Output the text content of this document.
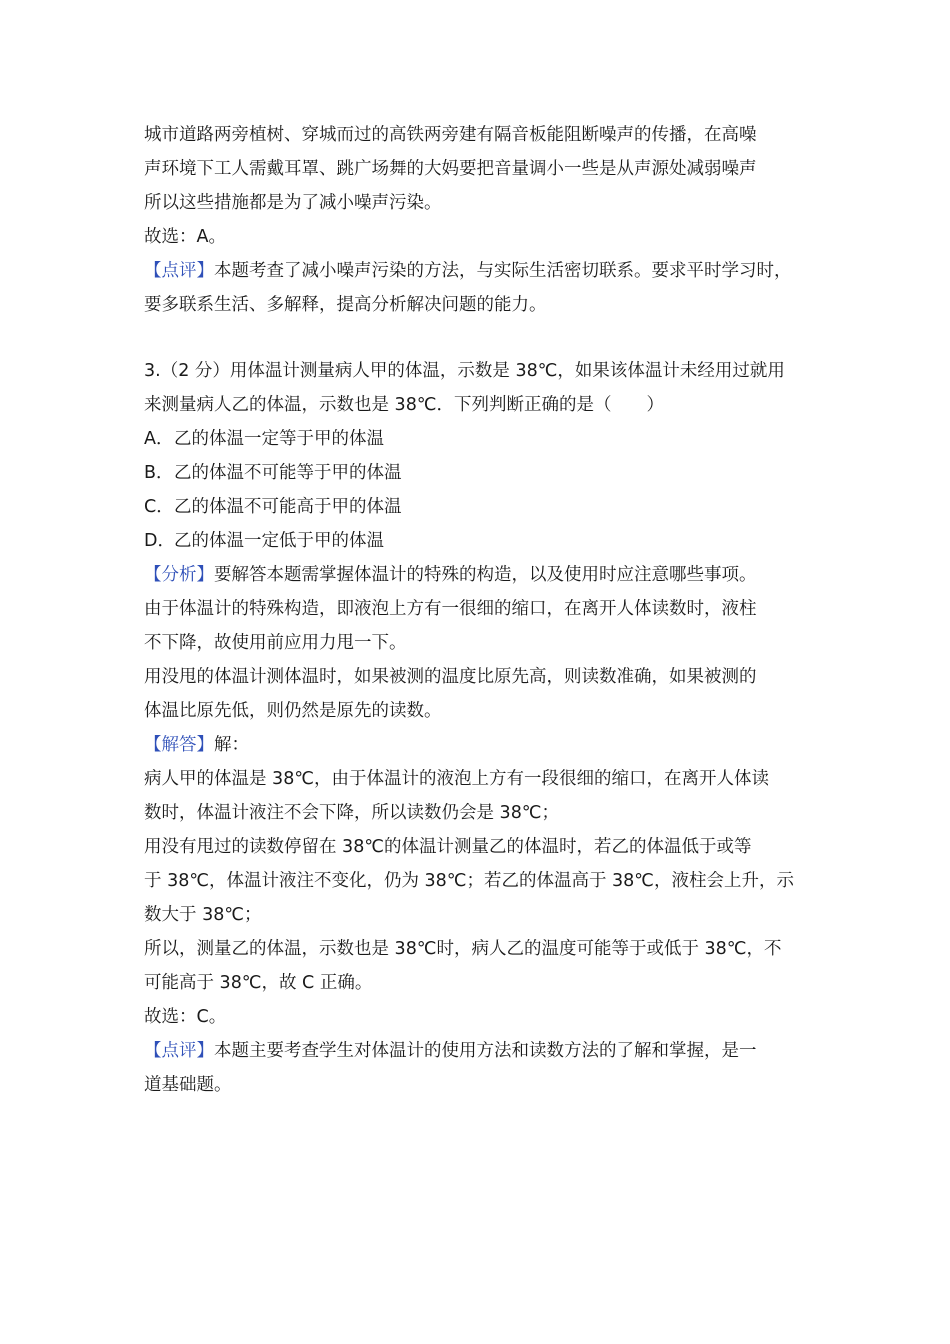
城市道路两旁植树、穿城而过的高铁两旁建有隔音板能阻断噪声的传播，在高噪
声环境下工人需戴耳罩、跳广场舞的大妈要把音量调小一些是从声源处减弱噪声
所以这些措施都是为了减小噪声污染。
故选：A。
【点评】本题考查了减小噪声污染的方法，与实际生活密切联系。要求平时学习时，
要多联系生活、多解释，提高分析解决问题的能力。
3.（2 分）用体温计测量病人甲的体温，示数是 38℃，如果该体温计未经用过就用
来测量病人乙的体温，示数也是 38℃．下列判断正确的是（　　）
A．乙的体温一定等于甲的体温
B．乙的体温不可能等于甲的体温
C．乙的体温不可能高于甲的体温
D．乙的体温一定低于甲的体温
【分析】要解答本题需掌握体温计的特殊的构造，以及使用时应注意哪些事项。
由于体温计的特殊构造，即液泡上方有一很细的缩口，在离开人体读数时，液柱
不下降，故使用前应用力甩一下。
用没甩的体温计测体温时，如果被测的温度比原先高，则读数准确，如果被测的
体温比原先低，则仍然是原先的读数。
【解答】解：
病人甲的体温是 38℃，由于体温计的液泡上方有一段很细的缩口，在离开人体读
数时，体温计液注不会下降，所以读数仍会是 38℃；
用没有甩过的读数停留在 38℃的体温计测量乙的体温时，若乙的体温低于或等
于 38℃，体温计液注不变化，仍为 38℃；若乙的体温高于 38℃，液柱会上升，示
数大于 38℃；
所以，测量乙的体温，示数也是 38℃时，病人乙的温度可能等于或低于 38℃，不
可能高于 38℃，故 C 正确。
故选：C。
【点评】本题主要考查学生对体温计的使用方法和读数方法的了解和掌握，是一
道基础题。
